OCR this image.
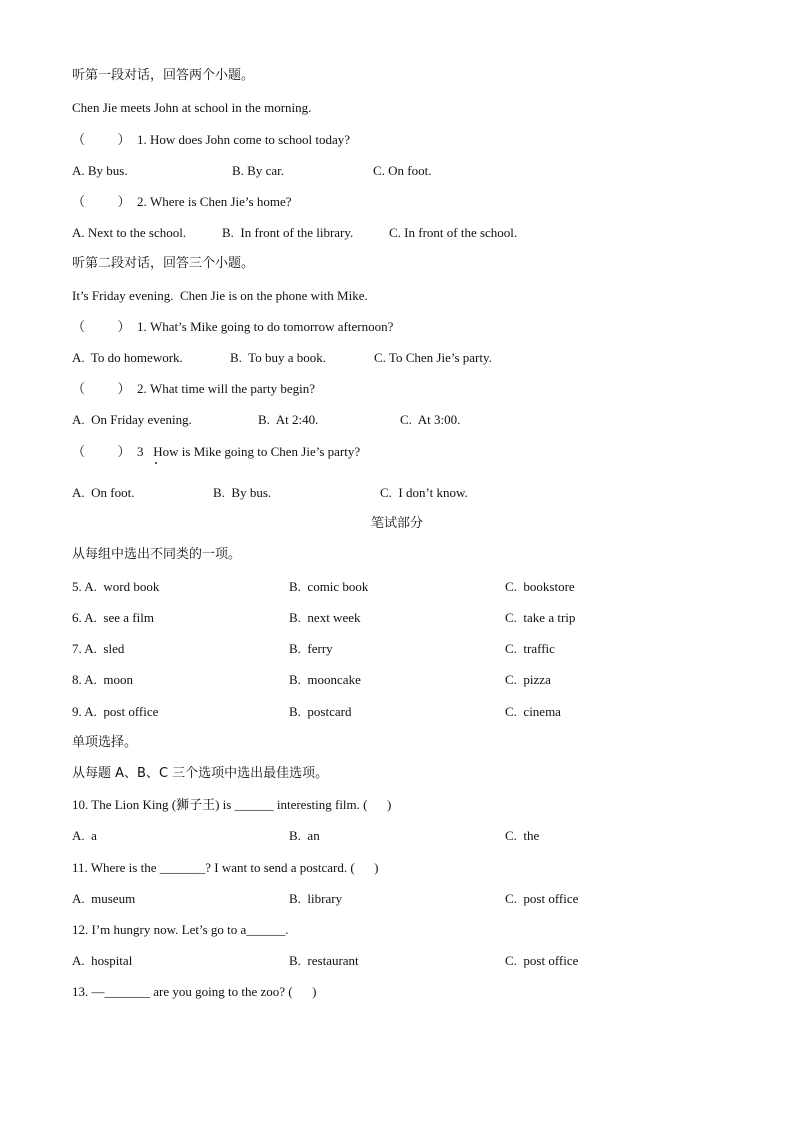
听第一段对话，回答两个小题。
Chen Jie meets John at school in the morning.
（          ）  1. How does John come to school today?
A. By bus.	B. By car.	C. On foot.
（          ）  2. Where is Chen Jie’s home?
A. Next to the school.	B.  In front of the library.	C. In front of the school.
听第二段对话，回答三个小题。
It’s Friday evening.  Chen Jie is on the phone with Mike.
（          ）  1. What’s Mike going to do tomorrow afternoon?
A.  To do homework.	B.  To buy a book.	C. To Chen Jie’s party.
（          ）  2. What time will the party begin?
A.  On Friday evening.	B.  At 2:40.	C.  At 3:00.
（          ）  3   How is Mike going to Chen Jie’s party?
A.  On foot.	B.  By bus.	C.  I don’t know.
笔试部分
从每组中选出不同类的一项。
5. A.  word book	B.  comic book	C.  bookstore
6. A.  see a film	B.  next week	C.  take a trip
7. A.  sled	B.  ferry	C.  traffic
8. A.  moon	B.  mooncake	C.  pizza
9. A.  post office	B.  postcard	C.  cinema
单项选择。
从每题 A、B、C 三个选项中选出最佳选项。
10. The Lion King (狮子王) is ______ interesting film. (      )
A.  a	B.  an	C.  the
11. Where is the _______? I want to send a postcard. (      )
A.  museum	B.  library	C.  post office
12. I’m hungry now. Let’s go to a______.
A.  hospital	B.  restaurant	C.  post office
13. —_______ are you going to the zoo? (      )
